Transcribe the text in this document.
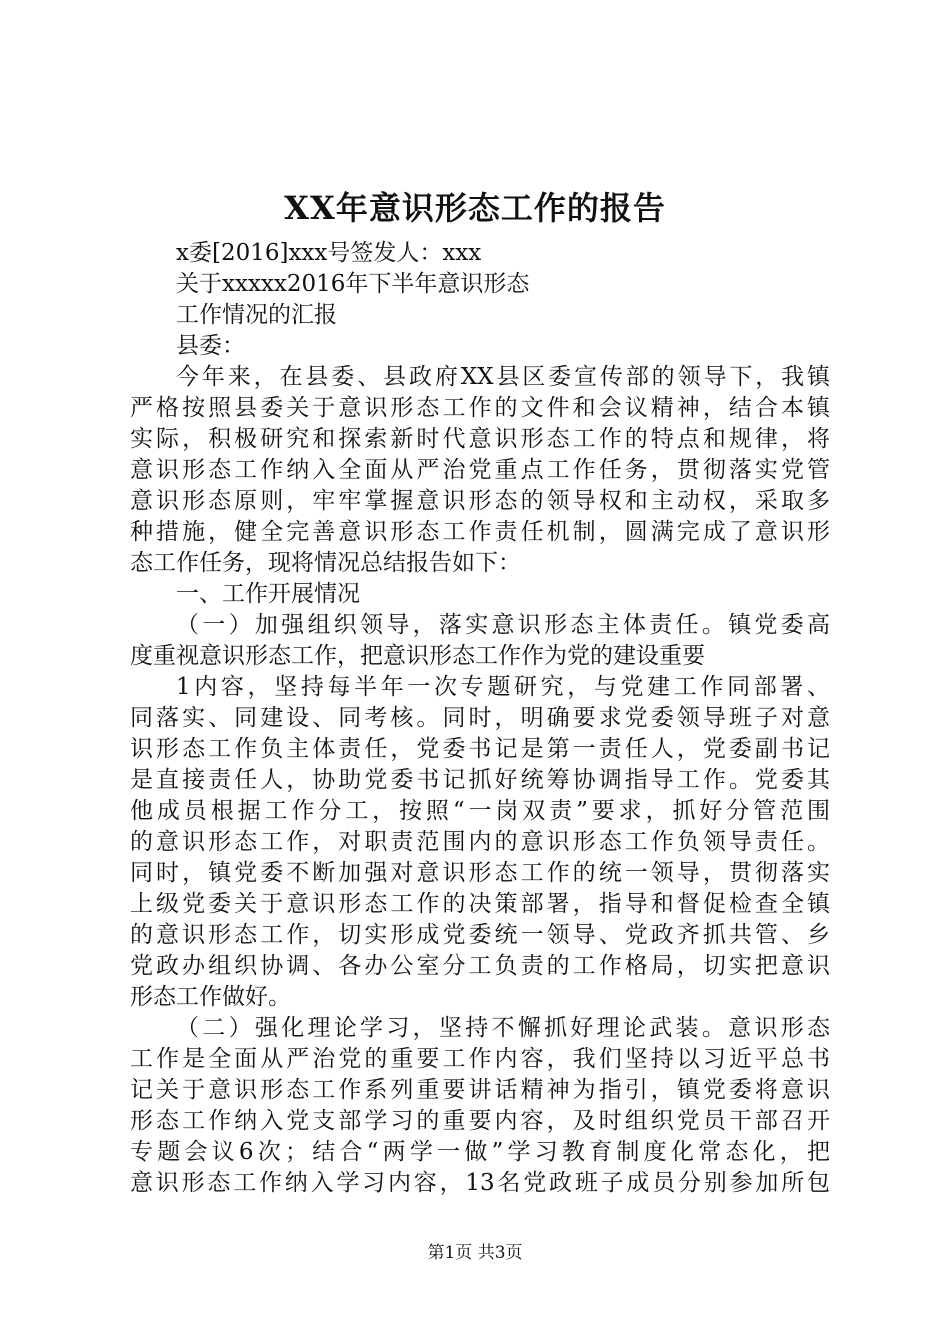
XX年意识形态工作的报告
x委[2016]xxx号签发人：xxx
关于xxxxx2016年下半年意识形态
工作情况的汇报
县委：
今年来，在县委、县政府XX县区委宣传部的领导下，我镇
严格按照县委关于意识形态工作的文件和会议精神，结合本镇
实际，积极研究和探索新时代意识形态工作的特点和规律，将
意识形态工作纳入全面从严治党重点工作任务，贯彻落实党管
意识形态原则，牢牢掌握意识形态的领导权和主动权，采取多
种措施，健全完善意识形态工作责任机制，圆满完成了意识形
态工作任务，现将情况总结报告如下：
一、工作开展情况
（一）加强组织领导，落实意识形态主体责任。镇党委高
度重视意识形态工作，把意识形态工作作为党的建设重要
1内容，坚持每半年一次专题研究，与党建工作同部署、
同落实、同建设、同考核。同时，明确要求党委领导班子对意
识形态工作负主体责任，党委书记是第一责任人，党委副书记
是直接责任人，协助党委书记抓好统筹协调指导工作。党委其
他成员根据工作分工，按照“一岗双责”要求，抓好分管范围
的意识形态工作，对职责范围内的意识形态工作负领导责任。
同时，镇党委不断加强对意识形态工作的统一领导，贯彻落实
上级党委关于意识形态工作的决策部署，指导和督促检查全镇
的意识形态工作，切实形成党委统一领导、党政齐抓共管、乡
党政办组织协调、各办公室分工负责的工作格局，切实把意识
形态工作做好。
（二）强化理论学习，坚持不懈抓好理论武装。意识形态
工作是全面从严治党的重要工作内容，我们坚持以习近平总书
记关于意识形态工作系列重要讲话精神为指引，镇党委将意识
形态工作纳入党支部学习的重要内容，及时组织党员干部召开
专题会议6次；结合“两学一做”学习教育制度化常态化，把
意识形态工作纳入学习内容，13名党政班子成员分别参加所包
第1页 共3页
